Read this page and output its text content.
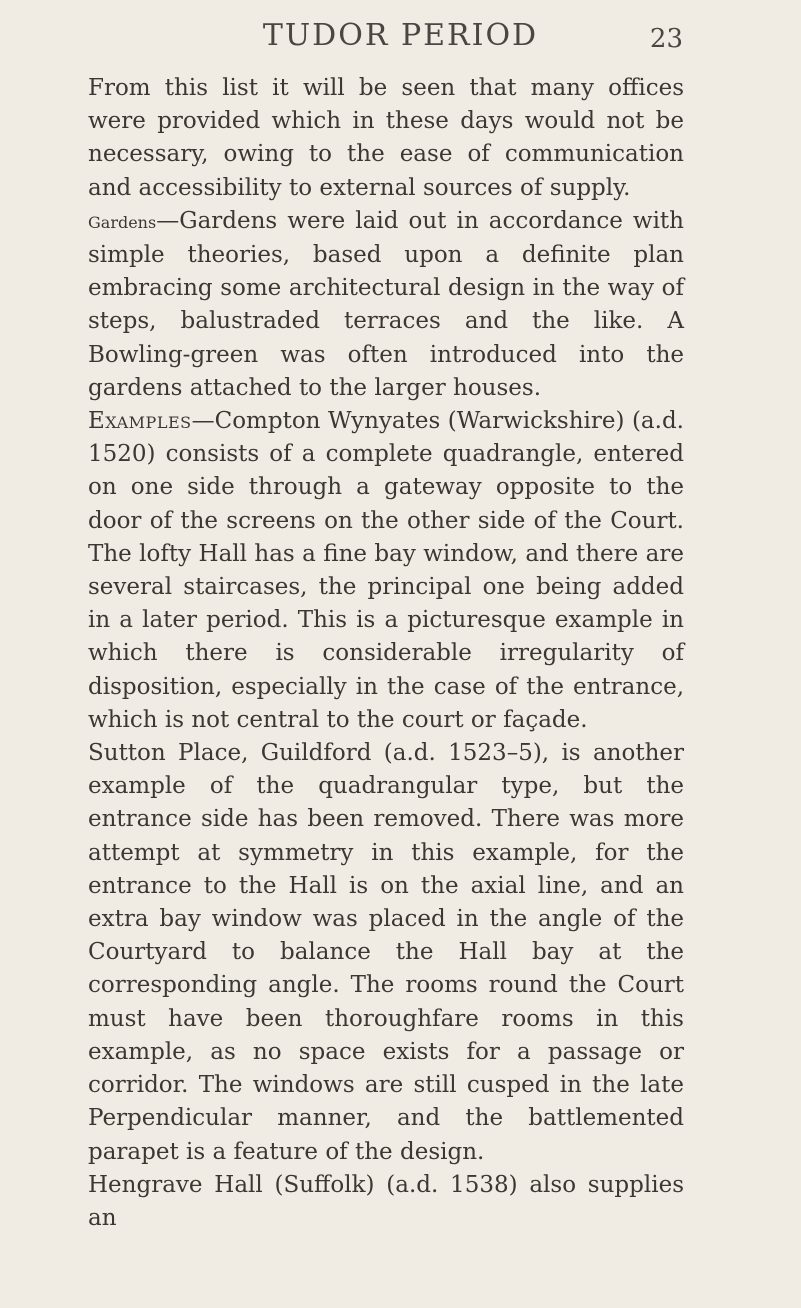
TUDOR PERIOD	23

From this list it will be seen that many offices were provided which in these days would not be necessary, owing to the ease of communication and accessibility to external sources of supply.

Gardens—Gardens were laid out in accordance with simple theories, based upon a definite plan embracing some architectural design in the way of steps, balustraded terraces and the like. A Bowling-green was often introduced into the gardens attached to the larger houses.

Examples—Compton Wynyates (Warwickshire) (a.d. 1520) consists of a complete quadrangle, entered on one side through a gateway opposite to the door of the screens on the other side of the Court. The lofty Hall has a fine bay window, and there are several staircases, the principal one being added in a later period. This is a picturesque example in which there is considerable irregularity of disposition, especially in the case of the entrance, which is not central to the court or façade.

Sutton Place, Guildford (a.d. 1523–5), is another example of the quadrangular type, but the entrance side has been removed. There was more attempt at symmetry in this example, for the entrance to the Hall is on the axial line, and an extra bay window was placed in the angle of the Courtyard to balance the Hall bay at the corresponding angle. The rooms round the Court must have been thoroughfare rooms in this example, as no space exists for a passage or corridor. The windows are still cusped in the late Perpendicular manner, and the battlemented parapet is a feature of the design.

Hengrave Hall (Suffolk) (a.d. 1538) also supplies an
